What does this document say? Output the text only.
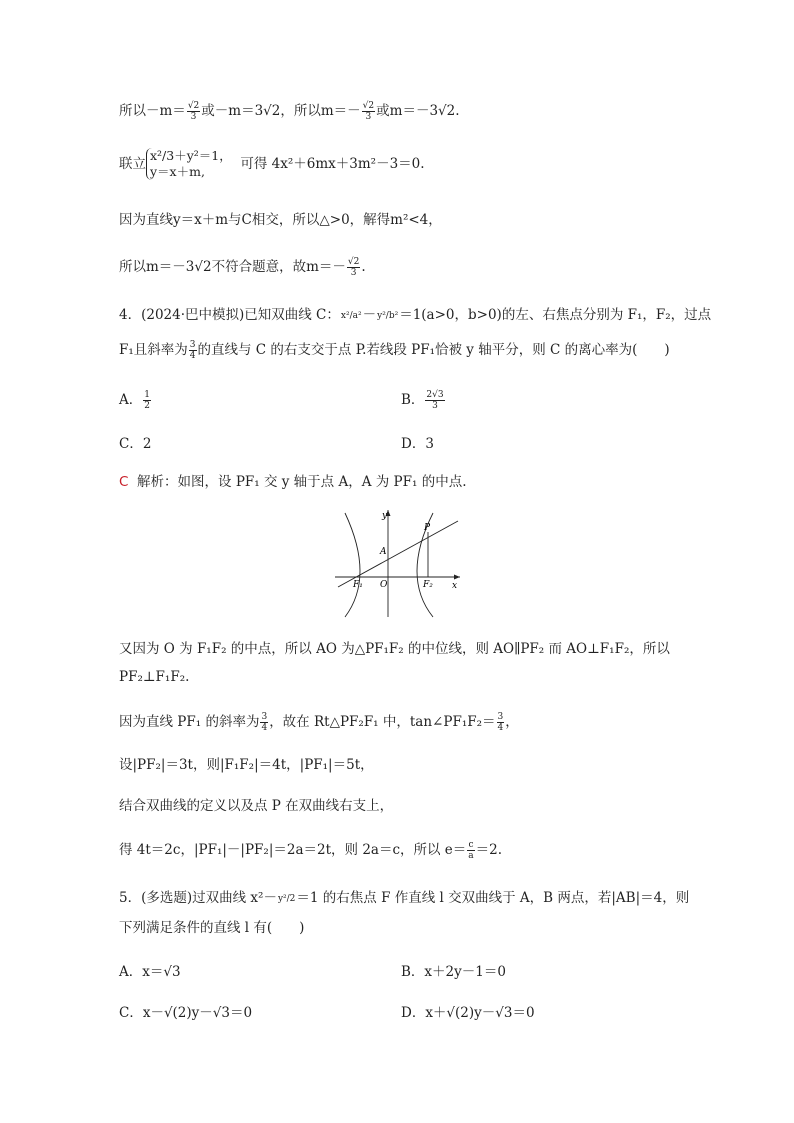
所以$-m= \frac{√2}{3}$ 或－m＝3√2，所以$m=- \frac{√2}{3}$ 或m＝－3√2.
联立
x²/3＋y²＝1，
y＝x＋m,	可得 4x²＋6mx＋3m²－3＝0.
因为直线y＝x＋m与C相交，所以△>0，解得m²<4，
所以m＝－3√2不符合题意，故$m=- \frac{√2}{3}$ .
4．(2024·巴中模拟)已知双曲线 C：x²/a²－y²/b²＝1(a>0，b>0)的左、右焦点分别为 F₁，F₂，过点
F₁且斜率为 $\frac{3}{4}$ 的直线与 C 的右支交于点 P.若线段 PF₁恰被 y 轴平分，则 C 的离心率为(　　)
A． $\frac{1}{2}$	B． $\frac{2√3}{3}$
C．2	D．3
C 解析：如图，设 PF₁ 交 y 轴于点 A，A 为 PF₁ 的中点.
y
x
P
A
O
F₁	F₂
又因为 O 为 F₁F₂ 的中点，所以 AO 为△PF₁F₂ 的中位线，则 AO∥PF₂ 而 AO⊥F₁F₂，所以
PF₂⊥F₁F₂.
因为直线 PF₁ 的斜率为 $\frac{3}{4}$ ，故在 Rt△PF₂F₁ 中，tan∠PF₁F₂＝ $\frac{3}{4}$ ，
设|PF₂|＝3t，则|F₁F₂|＝4t，|PF₁|＝5t，
结合双曲线的定义以及点 P 在双曲线右支上，
得 4t＝2c，|PF₁|－|PF₂|＝2a＝2t，则 2a＝c，所以 $e= \frac{c}{a} =2$.
5．(多选题)过双曲线 x²－y²/2＝1 的右焦点 F 作直线 l 交双曲线于 A，B 两点，若|AB|＝4，则
下列满足条件的直线 l 有(　　)
A．x＝√3	B．x＋2y－1＝0
C．x－√(2)y－√3＝0	D．x＋√(2)y－√3＝0
